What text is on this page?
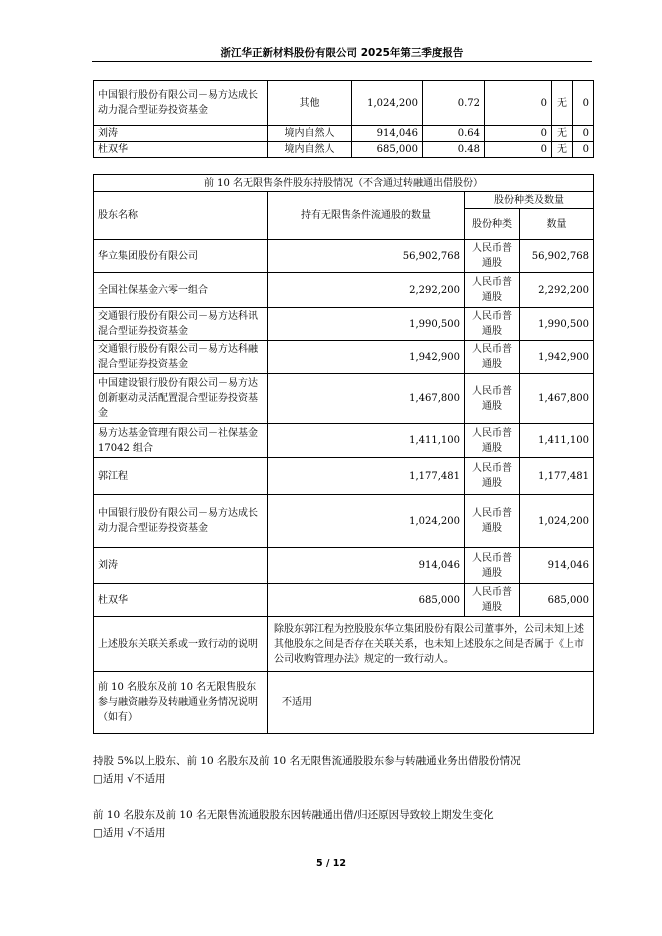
浙江华正新材料股份有限公司 2025年第三季度报告
中国银行股份有限公司－易方达成长动力混合型证券投资基金	其他	1,024,200	0.72	0	无	0
刘涛	境内自然人	914,046	0.64	0	无	0
杜双华	境内自然人	685,000	0.48	0	无	0
前 10 名无限售条件股东持股情况（不含通过转融通出借股份）			
股东名称	持有无限售条件流通股的数量	股份种类及数量	
		股份种类	数量
华立集团股份有限公司	56,902,768	人民币普通股	56,902,768
全国社保基金六零一组合	2,292,200	人民币普通股	2,292,200
交通银行股份有限公司－易方达科讯混合型证券投资基金	1,990,500	人民币普通股	1,990,500
交通银行股份有限公司－易方达科融混合型证券投资基金	1,942,900	人民币普通股	1,942,900
中国建设银行股份有限公司－易方达创新驱动灵活配置混合型证券投资基金	1,467,800	人民币普通股	1,467,800
易方达基金管理有限公司－社保基金 17042 组合	1,411,100	人民币普通股	1,411,100
郭江程	1,177,481	人民币普通股	1,177,481
中国银行股份有限公司－易方达成长动力混合型证券投资基金	1,024,200	人民币普通股	1,024,200
刘涛	914,046	人民币普通股	914,046
杜双华	685,000	人民币普通股	685,000
上述股东关联关系或一致行动的说明	除股东郭江程为控股股东华立集团股份有限公司董事外，公司未知上述其他股东之间是否存在关联关系，也未知上述股东之间是否属于《上市公司收购管理办法》规定的一致行动人。		
前 10 名股东及前 10 名无限售股东参与融资融券及转融通业务情况说明（如有）	不适用		
持股 5%以上股东、前 10 名股东及前 10 名无限售流通股股东参与转融通业务出借股份情况
□适用 √不适用
前 10 名股东及前 10 名无限售流通股股东因转融通出借/归还原因导致较上期发生变化
□适用 √不适用
5 / 12
